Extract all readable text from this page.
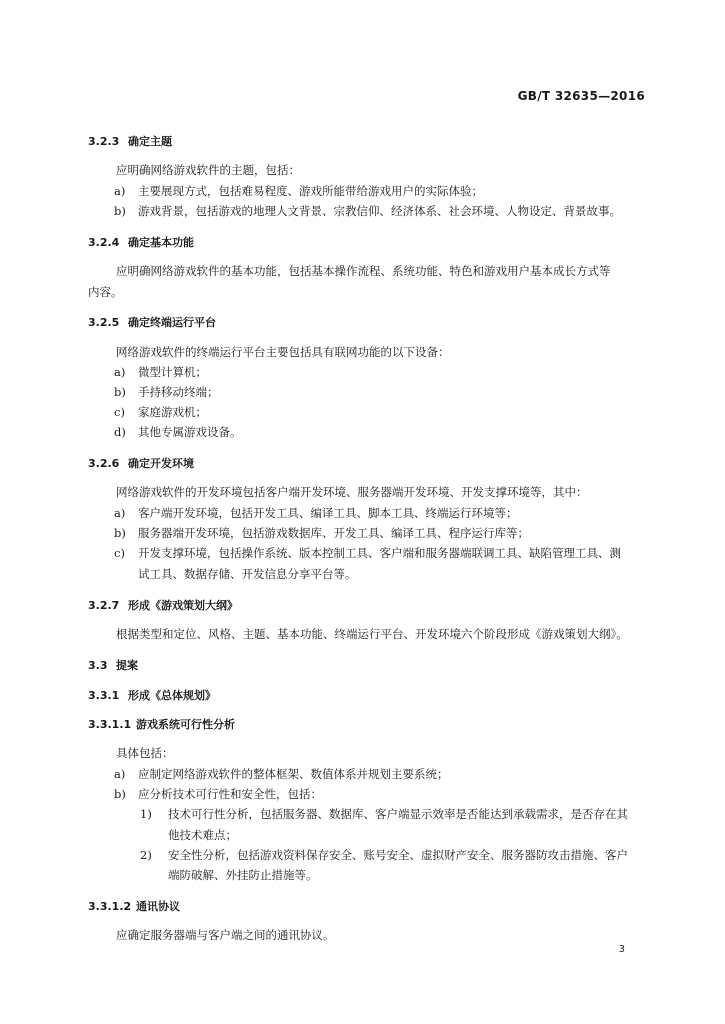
GB/T 32635—2016
3.2.3 确定主题
应明确网络游戏软件的主题，包括：
a) 主要展现方式，包括难易程度、游戏所能带给游戏用户的实际体验；
b) 游戏背景，包括游戏的地理人文背景、宗教信仰、经济体系、社会环境、人物设定、背景故事。
3.2.4 确定基本功能
应明确网络游戏软件的基本功能，包括基本操作流程、系统功能、特色和游戏用户基本成长方式等
内容。
3.2.5 确定终端运行平台
网络游戏软件的终端运行平台主要包括具有联网功能的以下设备：
a) 微型计算机；
b) 手持移动终端；
c) 家庭游戏机；
d) 其他专属游戏设备。
3.2.6 确定开发环境
网络游戏软件的开发环境包括客户端开发环境、服务器端开发环境、开发支撑环境等，其中：
a) 客户端开发环境，包括开发工具、编译工具、脚本工具、终端运行环境等；
b) 服务器端开发环境，包括游戏数据库、开发工具、编译工具、程序运行库等；
c) 开发支撑环境，包括操作系统、版本控制工具、客户端和服务器端联调工具、缺陷管理工具、测
试工具、数据存储、开发信息分享平台等。
3.2.7 形成《游戏策划大纲》
根据类型和定位、风格、主题、基本功能、终端运行平台、开发环境六个阶段形成《游戏策划大纲》。
3.3 提案
3.3.1 形成《总体规划》
3.3.1.1 游戏系统可行性分析
具体包括：
a) 应制定网络游戏软件的整体框架、数值体系并规划主要系统；
b) 应分析技术可行性和安全性，包括：
1) 技术可行性分析，包括服务器、数据库、客户端显示效率是否能达到承载需求，是否存在其
他技术难点；
2) 安全性分析，包括游戏资料保存安全、账号安全、虚拟财产安全、服务器防攻击措施、客户
端防破解、外挂防止措施等。
3.3.1.2 通讯协议
应确定服务器端与客户端之间的通讯协议。
3
